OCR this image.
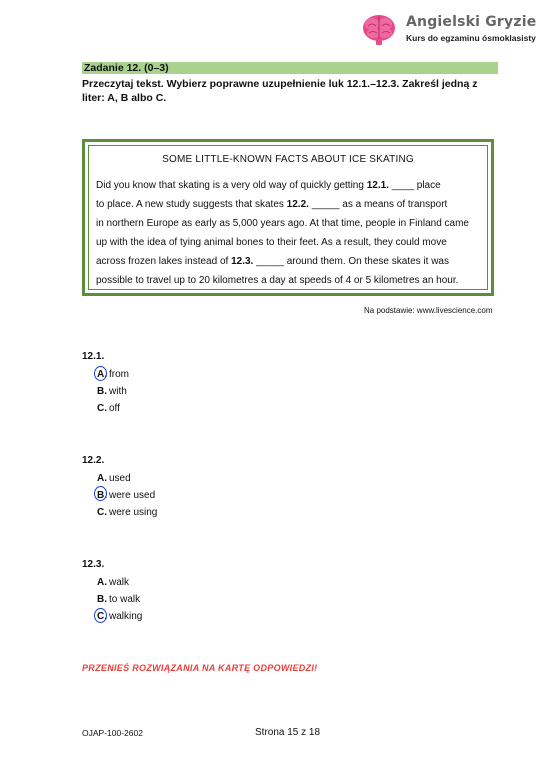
Angielski Gryzie
Kurs do egzaminu ósmoklasisty
Zadanie 12. (0–3)
Przeczytaj tekst. Wybierz poprawne uzupełnienie luk 12.1.–12.3. Zakreśl jedną z liter: A, B albo C.
SOME LITTLE-KNOWN FACTS ABOUT ICE SKATING
Did you know that skating is a very old way of quickly getting 12.1. ____ place
to place. A new study suggests that skates 12.2. _____ as a means of transport
in northern Europe as early as 5,000 years ago. At that time, people in Finland came
up with the idea of tying animal bones to their feet. As a result, they could move
across frozen lakes instead of 12.3. _____ around them. On these skates it was
possible to travel up to 20 kilometres a day at speeds of 4 or 5 kilometres an hour.
Na podstawie: www.livescience.com
12.1.
A. from
B. with
C. off
12.2.
A. used
B. were used
C. were using
12.3.
A. walk
B. to walk
C. walking
PRZENIEŚ ROZWIĄZANIA NA KARTĘ ODPOWIEDZI!
OJAP-100-2602	Strona 15 z 18
